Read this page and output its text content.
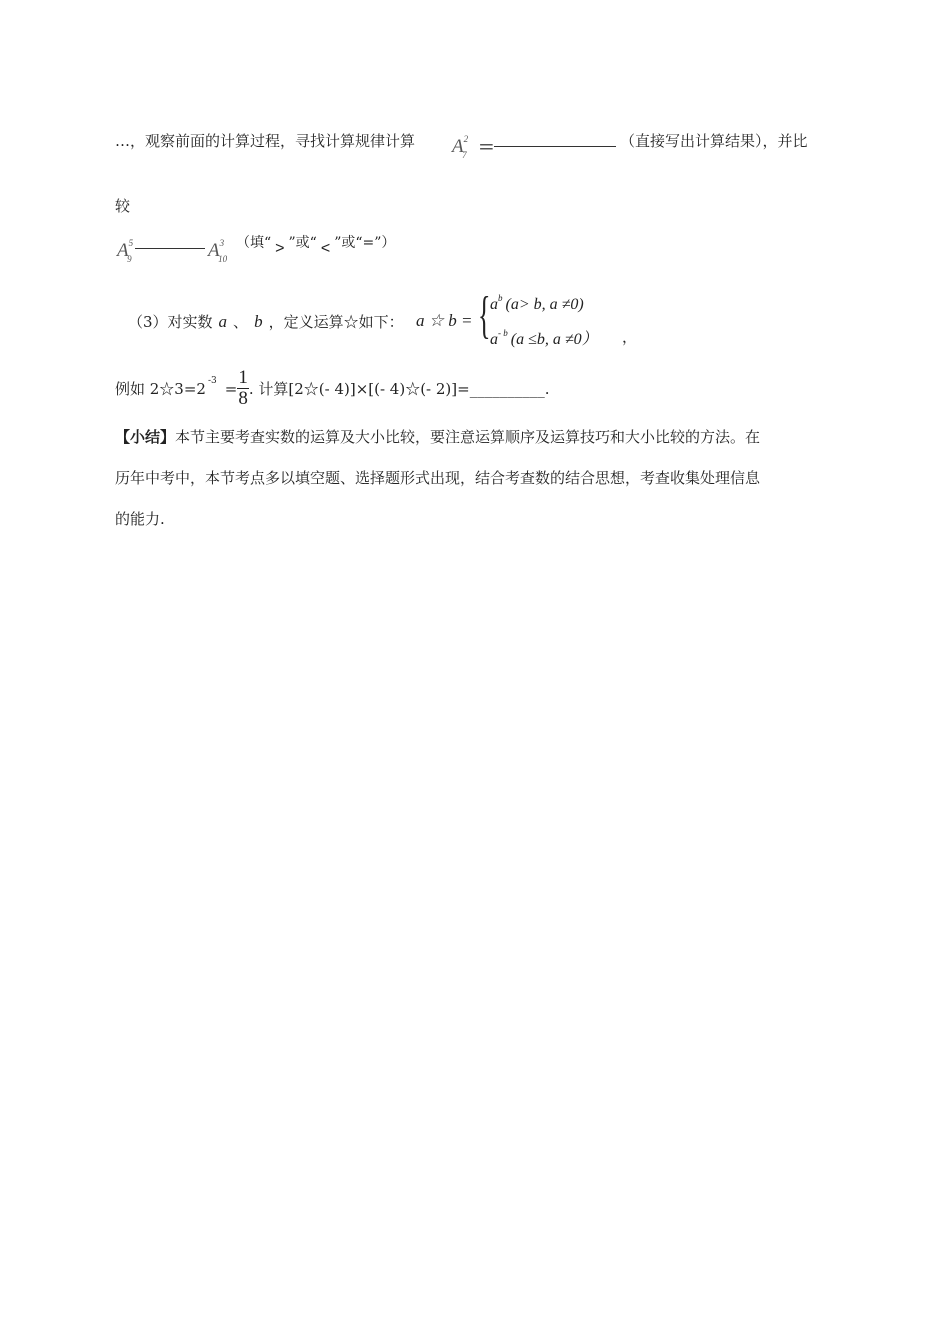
…，观察前面的计算过程，寻找计算规律计算 $A^2_7$ =	（直接写出计算结果），并比
较
$A^5_9$	$A^3_{10}$
（填“ > ”或“ < ”或“=”）
（3）对实数 a 、 b ，定义运算☆如下： a ☆ b = { $a^b$ (a> b, a ≠0)
$a^{- b}$ (a ≤b, a ≠0） ，
例如 2☆3=2 $-3 = \frac{1}{8}$ . 计算[2☆(- 4)]×[(- 4)☆(- 2)]=__________.
【小结】本节主要考查实数的运算及大小比较，要注意运算顺序及运算技巧和大小比较的方法。在
历年中考中，本节考点多以填空题、选择题形式出现，结合考查数的结合思想，考查收集处理信息
的能力.
